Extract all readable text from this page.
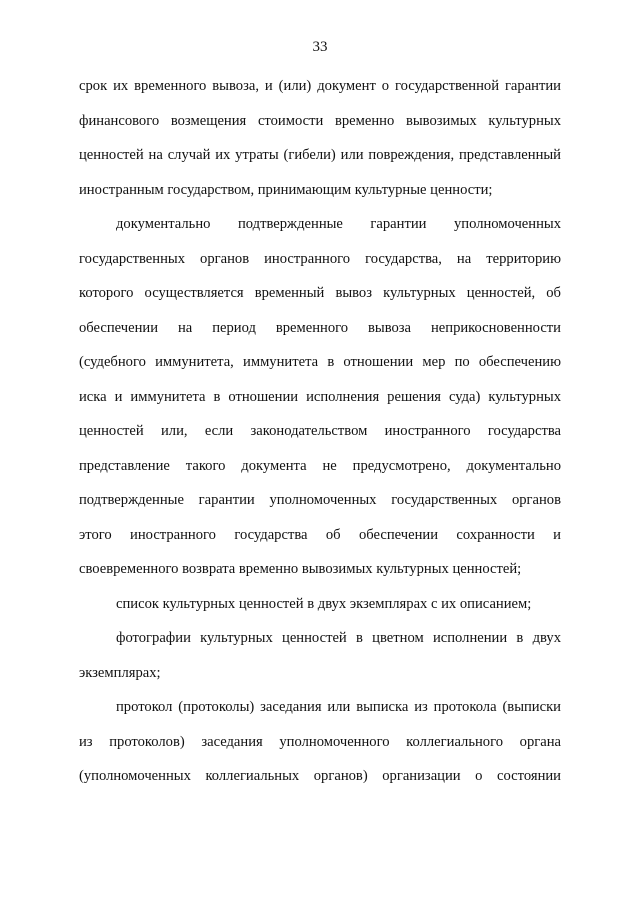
33
срок их временного вывоза, и (или) документ о государственной гарантии
финансового возмещения стоимости временно вывозимых культурных
ценностей на случай их утраты (гибели) или повреждения, представленный
иностранным государством, принимающим культурные ценности;
документально подтвержденные гарантии уполномоченных
государственных органов иностранного государства, на территорию
которого осуществляется временный вывоз культурных ценностей, об
обеспечении на период временного вывоза неприкосновенности
(судебного иммунитета, иммунитета в отношении мер по обеспечению
иска и иммунитета в отношении исполнения решения суда) культурных
ценностей или, если законодательством иностранного государства
представление такого документа не предусмотрено, документально
подтвержденные гарантии уполномоченных государственных органов
этого иностранного государства об обеспечении сохранности и
своевременного возврата временно вывозимых культурных ценностей;
список культурных ценностей в двух экземплярах с их описанием;
фотографии культурных ценностей в цветном исполнении в двух
экземплярах;
протокол (протоколы) заседания или выписка из протокола (выписки
из протоколов) заседания уполномоченного коллегиального органа
(уполномоченных коллегиальных органов) организации о состоянии
